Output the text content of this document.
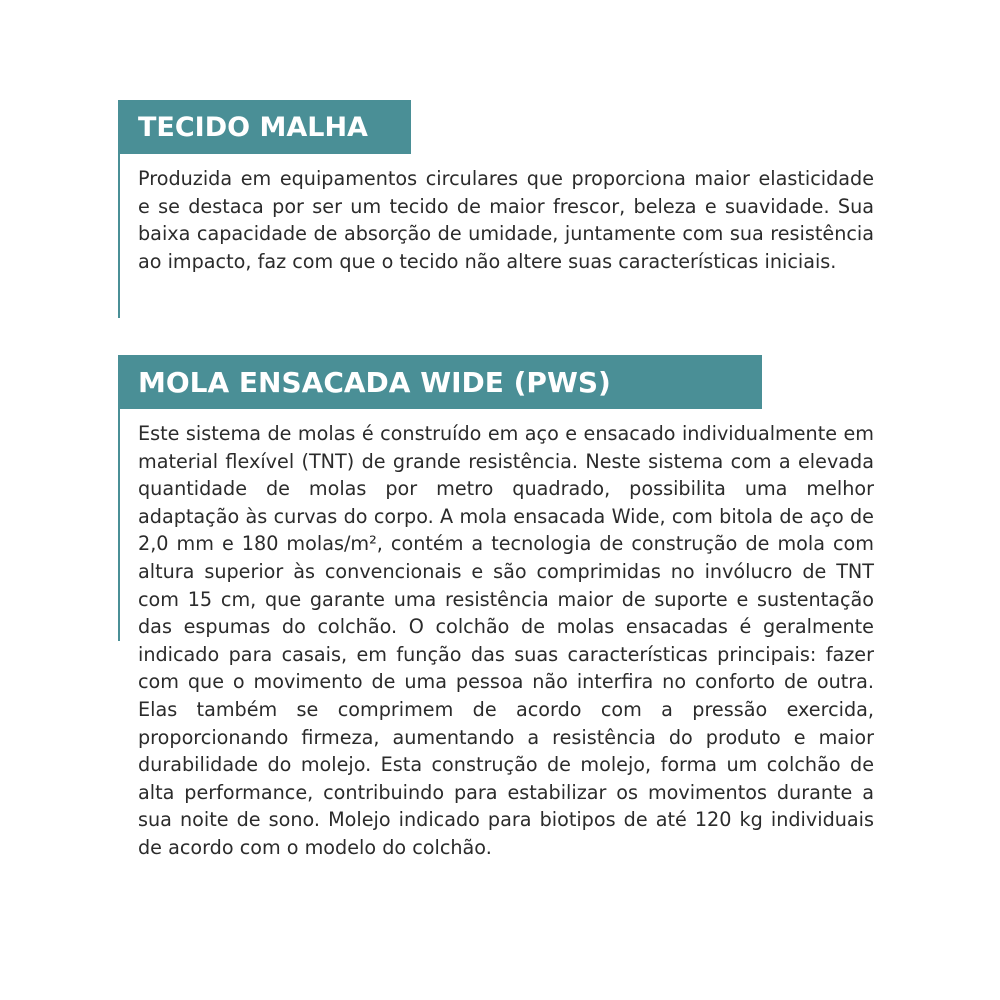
TECIDO MALHA

Produzida em equipamentos circulares que proporciona maior elasticidade e se destaca por ser um tecido de maior frescor, beleza e suavidade. Sua baixa capacidade de absorção de umidade, juntamente com sua resistência ao impacto, faz com que o tecido não altere suas características iniciais.

MOLA ENSACADA WIDE (PWS)

Este sistema de molas é construído em aço e ensacado individualmente em material flexível (TNT) de grande resistência. Neste sistema com a elevada quantidade de molas por metro quadrado, possibilita uma melhor adaptação às curvas do corpo. A mola ensacada Wide, com bitola de aço de 2,0 mm e 180 molas/m², contém a tecnologia de construção de mola com altura superior às convencionais e são comprimidas no invólucro de TNT com 15 cm, que garante uma resistência maior de suporte e sustentação das espumas do colchão. O colchão de molas ensacadas é geralmente indicado para casais, em função das suas características principais: fazer com que o movimento de uma pessoa não interfira no conforto de outra. Elas também se comprimem de acordo com a pressão exercida, proporcionando firmeza, aumentando a resistência do produto e maior durabilidade do molejo. Esta construção de molejo, forma um colchão de alta performance, contribuindo para estabilizar os movimentos durante a sua noite de sono. Molejo indicado para biotipos de até 120 kg individuais de acordo com o modelo do colchão.
